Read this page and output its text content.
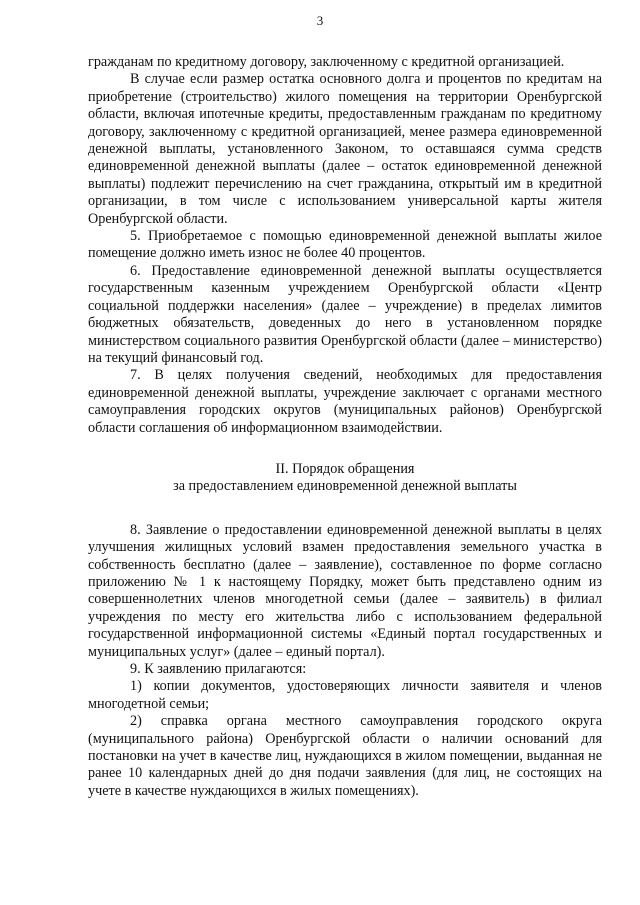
3

гражданам по кредитному договору, заключенному с кредитной организацией.

В случае если размер остатка основного долга и процентов по кредитам на приобретение (строительство) жилого помещения на территории Оренбургской области, включая ипотечные кредиты, предоставленным гражданам по кредитному договору, заключенному с кредитной организацией, менее размера единовременной денежной выплаты, установленного Законом, то оставшаяся сумма средств единовременной денежной выплаты (далее – остаток единовременной денежной выплаты) подлежит перечислению на счет гражданина, открытый им в кредитной организации, в том числе с использованием универсальной карты жителя Оренбургской области.

5. Приобретаемое с помощью единовременной денежной выплаты жилое помещение должно иметь износ не более 40 процентов.

6. Предоставление единовременной денежной выплаты осуществляется государственным казенным учреждением Оренбургской области «Центр социальной поддержки населения» (далее – учреждение) в пределах лимитов бюджетных обязательств, доведенных до него в установленном порядке министерством социального развития Оренбургской области (далее – министерство) на текущий финансовый год.

7. В целях получения сведений, необходимых для предоставления единовременной денежной выплаты, учреждение заключает с органами местного самоуправления городских округов (муниципальных районов) Оренбургской области соглашения об информационном взаимодействии.

II. Порядок обращения
за предоставлением единовременной денежной выплаты

8. Заявление о предоставлении единовременной денежной выплаты в целях улучшения жилищных условий взамен предоставления земельного участка в собственность бесплатно (далее – заявление), составленное по форме согласно приложению № 1 к настоящему Порядку, может быть представлено одним из совершеннолетних членов многодетной семьи (далее – заявитель) в филиал учреждения по месту его жительства либо с использованием федеральной государственной информационной системы «Единый портал государственных и муниципальных услуг» (далее – единый портал).

9. К заявлению прилагаются:

1) копии документов, удостоверяющих личности заявителя и членов многодетной семьи;

2) справка органа местного самоуправления городского округа (муниципального района) Оренбургской области о наличии оснований для постановки на учет в качестве лиц, нуждающихся в жилом помещении, выданная не ранее 10 календарных дней до дня подачи заявления (для лиц, не состоящих на учете в качестве нуждающихся в жилых помещениях).
